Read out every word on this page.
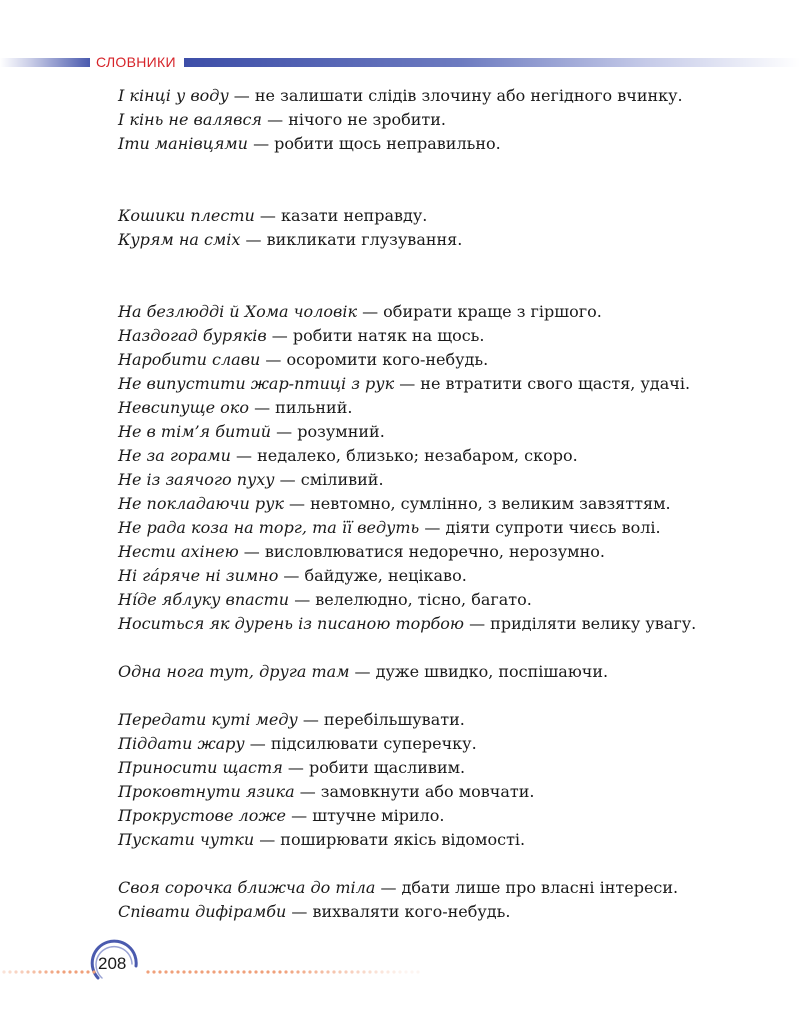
СЛОВНИКИ
І кінці у воду — не залишати слідів злочину або негідного вчинку.
І кінь не валявся — нічого не зробити.
Іти манівцями — робити щось неправильно.
Кошики плести — казати неправду.
Курям на сміх — викликати глузування.
На безлюдді й Хома чоловік — обирати краще з гіршого.
Наздогад буряків — робити натяк на щось.
Наробити слави — осоромити кого-небудь.
Не випустити жар-птиці з рук — не втратити свого щастя, удачі.
Невсипуще око — пильний.
Не в тім’я битий — розумний.
Не за горами — недалеко, близько; незабаром, скоро.
Не із заячого пуху — сміливий.
Не покладаючи рук — невтомно, сумлінно, з великим завзяттям.
Не рада коза на торг, та її ведуть — діяти супроти чиєсь волі.
Нести ахінею — висловлюватися недоречно, нерозумно.
Ні гáряче ні зимно — байдуже, нецікаво.
Нíде яблуку впасти — велелюдно, тісно, багато.
Носиться як дурень із писаною торбою — приділяти велику увагу.
Одна нога тут, друга там — дуже швидко, поспішаючи.
Передати куті меду — перебільшувати.
Піддати жару — підсилювати суперечку.
Приносити щастя — робити щасливим.
Проковтнути язика — замовкнути або мовчати.
Прокрустове ложе — штучне мірило.
Пускати чутки — поширювати якісь відомості.
Своя сорочка ближча до тіла — дбати лише про власні інтереси.
Співати дифірамби — вихваляти кого-небудь.
208
